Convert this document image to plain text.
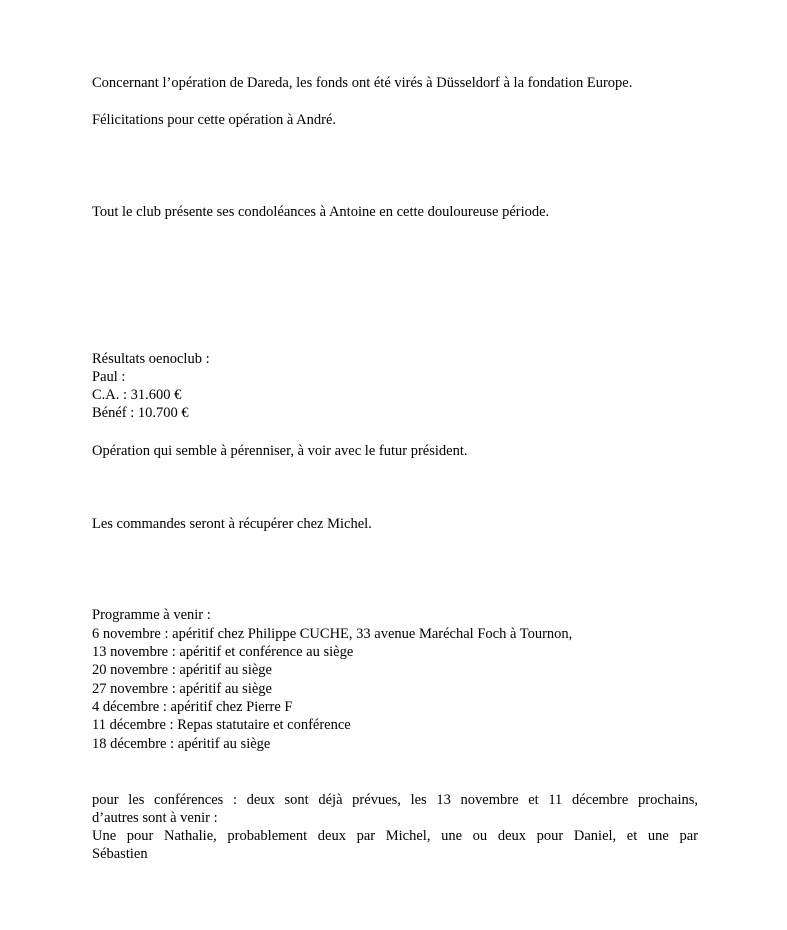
Concernant l’opération de Dareda, les fonds ont été virés à Düsseldorf à la fondation Europe.
Félicitations pour cette opération à André.
Tout le club présente ses condoléances à Antoine en cette douloureuse période.
Résultats oenoclub :
Paul :
C.A. : 31.600 €
Bénéf : 10.700 €
Opération qui semble à pérenniser, à voir avec le futur président.
Les commandes seront à récupérer chez Michel.
Programme à venir :
6 novembre : apéritif chez Philippe CUCHE, 33 avenue Maréchal Foch à Tournon,
13 novembre : apéritif et conférence au siège
20 novembre : apéritif au siège
27 novembre : apéritif au siège
4 décembre : apéritif chez Pierre F
11 décembre : Repas statutaire et conférence
18 décembre : apéritif au siège
pour les conférences : deux sont déjà prévues, les 13 novembre et 11 décembre prochains,
d’autres sont à venir :
Une pour Nathalie, probablement deux par Michel, une ou deux pour Daniel, et une par
Sébastien
